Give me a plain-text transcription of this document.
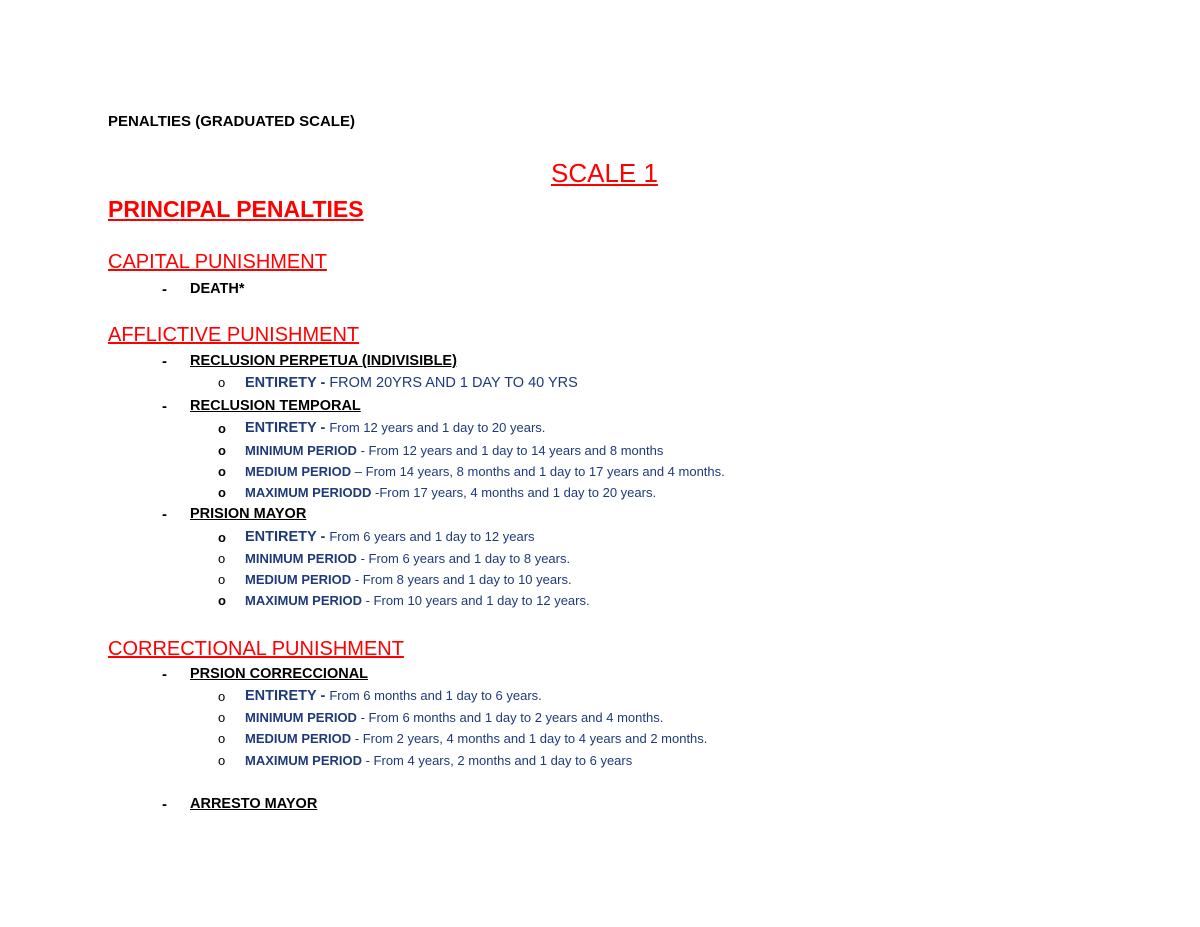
PENALTIES (GRADUATED SCALE)
SCALE 1
PRINCIPAL PENALTIES
CAPITAL PUNISHMENT
- DEATH*
AFFLICTIVE PUNISHMENT
- RECLUSION PERPETUA (INDIVISIBLE)
o ENTIRETY - FROM 20YRS AND 1 DAY TO 40 YRS
- RECLUSION TEMPORAL
o ENTIRETY - From 12 years and 1 day to 20 years.
o MINIMUM PERIOD - From 12 years and 1 day to 14 years and 8 months
o MEDIUM PERIOD – From 14 years, 8 months and 1 day to 17 years and 4 months.
o MAXIMUM PERIODD -From 17 years, 4 months and 1 day to 20 years.
- PRISION MAYOR
o ENTIRETY - From 6 years and 1 day to 12 years
o MINIMUM PERIOD - From 6 years and 1 day to 8 years.
o MEDIUM PERIOD - From 8 years and 1 day to 10 years.
o MAXIMUM PERIOD - From 10 years and 1 day to 12 years.
CORRECTIONAL PUNISHMENT
- PRSION CORRECCIONAL
o ENTIRETY - From 6 months and 1 day to 6 years.
o MINIMUM PERIOD - From 6 months and 1 day to 2 years and 4 months.
o MEDIUM PERIOD - From 2 years, 4 months and 1 day to 4 years and 2 months.
o MAXIMUM PERIOD - From 4 years, 2 months and 1 day to 6 years
- ARRESTO MAYOR
